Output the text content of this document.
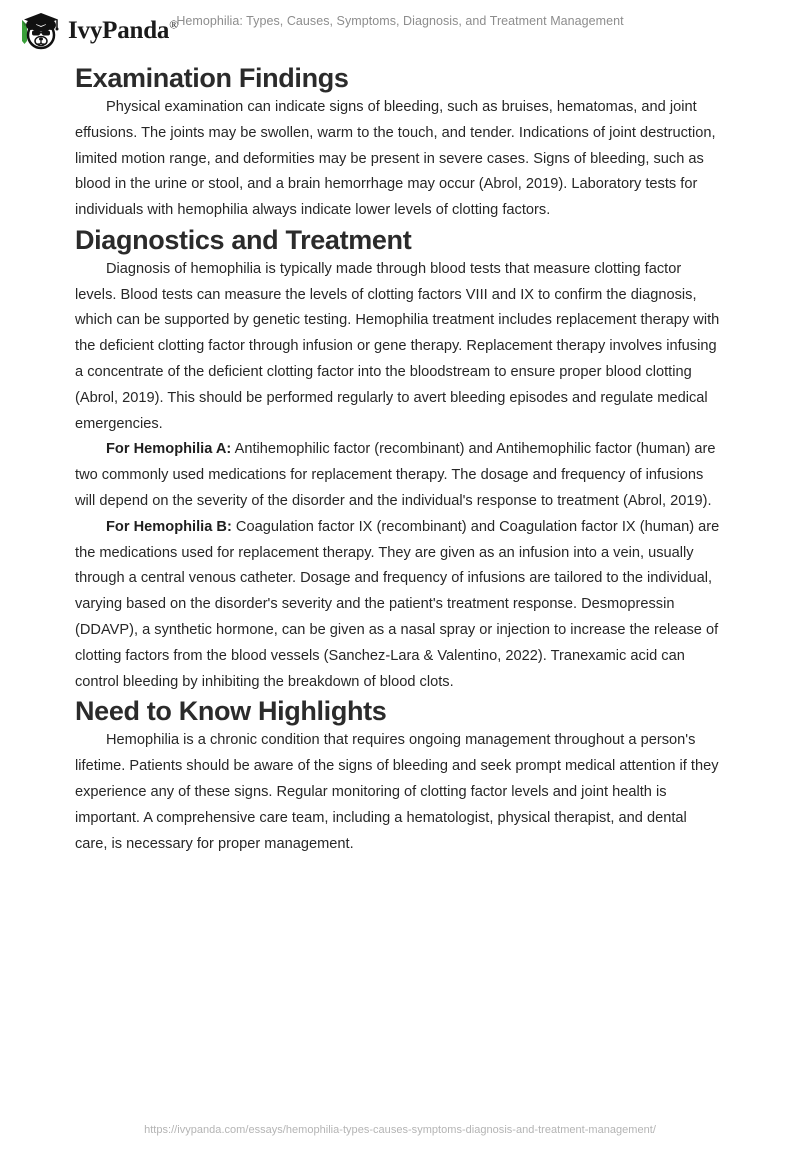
IvyPanda®
Hemophilia: Types, Causes, Symptoms, Diagnosis, and Treatment Management
Examination Findings

Physical examination can indicate signs of bleeding, such as bruises, hematomas, and joint effusions. The joints may be swollen, warm to the touch, and tender. Indications of joint destruction, limited motion range, and deformities may be present in severe cases. Signs of bleeding, such as blood in the urine or stool, and a brain hemorrhage may occur (Abrol, 2019). Laboratory tests for individuals with hemophilia always indicate lower levels of clotting factors.

Diagnostics and Treatment

Diagnosis of hemophilia is typically made through blood tests that measure clotting factor levels. Blood tests can measure the levels of clotting factors VIII and IX to confirm the diagnosis, which can be supported by genetic testing. Hemophilia treatment includes replacement therapy with the deficient clotting factor through infusion or gene therapy. Replacement therapy involves infusing a concentrate of the deficient clotting factor into the bloodstream to ensure proper blood clotting (Abrol, 2019). This should be performed regularly to avert bleeding episodes and regulate medical emergencies.

For Hemophilia A: Antihemophilic factor (recombinant) and Antihemophilic factor (human) are two commonly used medications for replacement therapy. The dosage and frequency of infusions will depend on the severity of the disorder and the individual's response to treatment (Abrol, 2019).

For Hemophilia B: Coagulation factor IX (recombinant) and Coagulation factor IX (human) are the medications used for replacement therapy. They are given as an infusion into a vein, usually through a central venous catheter. Dosage and frequency of infusions are tailored to the individual, varying based on the disorder's severity and the patient's treatment response. Desmopressin (DDAVP), a synthetic hormone, can be given as a nasal spray or injection to increase the release of clotting factors from the blood vessels (Sanchez-Lara & Valentino, 2022). Tranexamic acid can control bleeding by inhibiting the breakdown of blood clots.

Need to Know Highlights

Hemophilia is a chronic condition that requires ongoing management throughout a person's lifetime. Patients should be aware of the signs of bleeding and seek prompt medical attention if they experience any of these signs. Regular monitoring of clotting factor levels and joint health is important. A comprehensive care team, including a hematologist, physical therapist, and dental care, is necessary for proper management.

https://ivypanda.com/essays/hemophilia-types-causes-symptoms-diagnosis-and-treatment-management/
